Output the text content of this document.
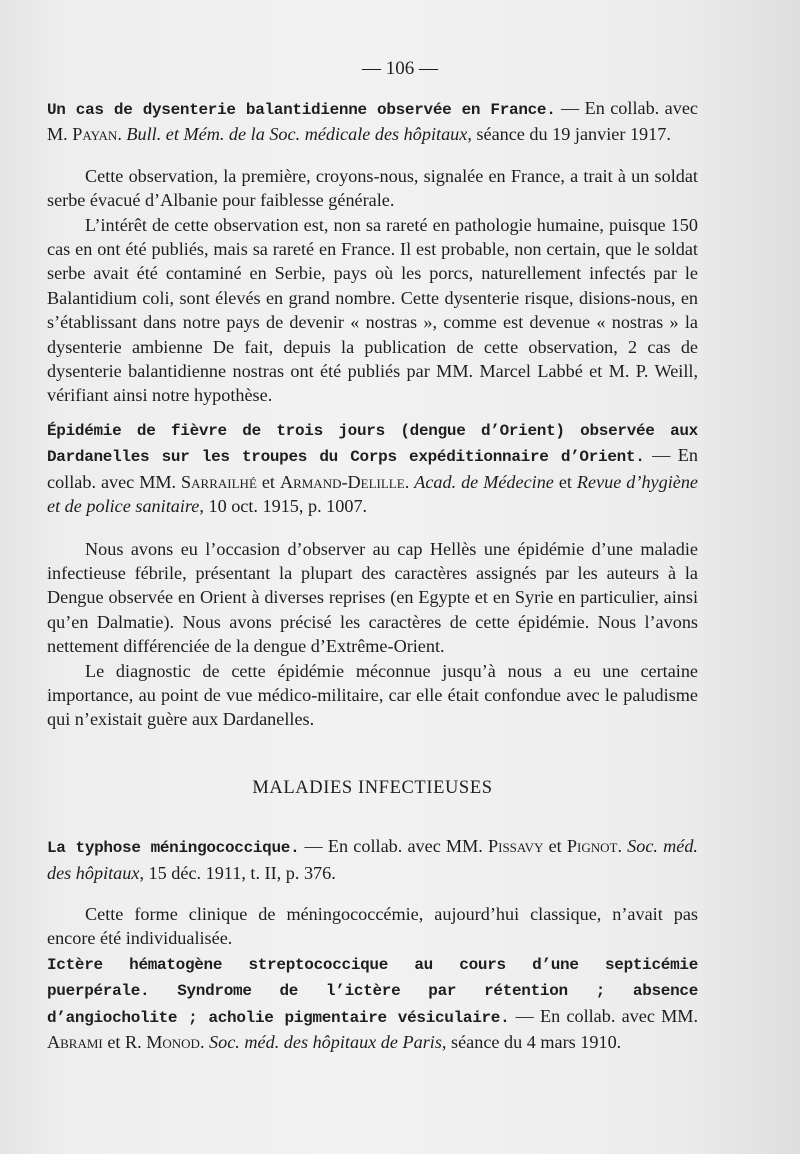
— 106 —

Un cas de dysenterie balantidienne observée en France. — En collab. avec M. Payan. Bull. et Mém. de la Soc. médicale des hôpitaux, séance du 19 janvier 1917.

Cette observation, la première, croyons-nous, signalée en France, a trait à un soldat serbe évacué d’Albanie pour faiblesse générale.

L’intérêt de cette observation est, non sa rareté en pathologie humaine, puisque 150 cas en ont été publiés, mais sa rareté en France. Il est probable, non certain, que le soldat serbe avait été contaminé en Serbie, pays où les porcs, naturellement infectés par le Balantidium coli, sont élevés en grand nombre. Cette dysenterie risque, disions-nous, en s’établissant dans notre pays de devenir « nostras », comme est devenue « nostras » la dysenterie ambienne De fait, depuis la publication de cette observation, 2 cas de dysenterie balantidienne nostras ont été publiés par MM. Marcel Labbé et M. P. Weill, vérifiant ainsi notre hypothèse.

Épidémie de fièvre de trois jours (dengue d’Orient) observée aux Dardanelles sur les troupes du Corps expéditionnaire d’Orient. — En collab. avec MM. Sarrailhé et Armand-Delille. Acad. de Médecine et Revue d’hygiène et de police sanitaire, 10 oct. 1915, p. 1007.

Nous avons eu l’occasion d’observer au cap Hellès une épidémie d’une maladie infectieuse fébrile, présentant la plupart des caractères assignés par les auteurs à la Dengue observée en Orient à diverses reprises (en Egypte et en Syrie en particulier, ainsi qu’en Dalmatie). Nous avons précisé les caractères de cette épidémie. Nous l’avons nettement différenciée de la dengue d’Extrême-Orient.

Le diagnostic de cette épidémie méconnue jusqu’à nous a eu une certaine importance, au point de vue médico-militaire, car elle était confondue avec le paludisme qui n’existait guère aux Dardanelles.

MALADIES INFECTIEUSES

La typhose méningococcique. — En collab. avec MM. Pissavy et Pignot. Soc. méd. des hôpitaux, 15 déc. 1911, t. II, p. 376.

Cette forme clinique de méningococcémie, aujourd’hui classique, n’avait pas encore été individualisée.

Ictère hématogène streptococcique au cours d’une septicémie puerpérale. Syndrome de l’ictère par rétention ; absence d’angiocholite ; acholie pigmentaire vésiculaire. — En collab. avec MM. Abrami et R. Monod. Soc. méd. des hôpitaux de Paris, séance du 4 mars 1910.
